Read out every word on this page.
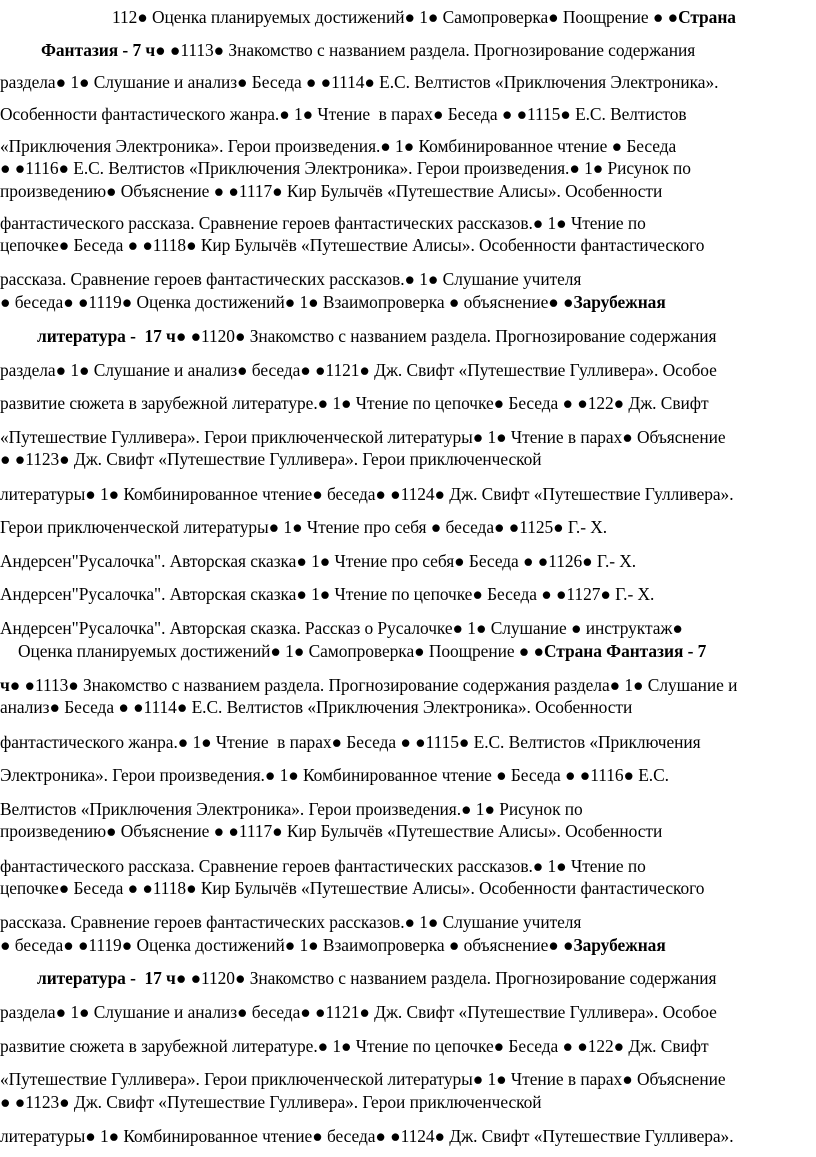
112● Оценка планируемых достижений● 1● Самопроверка● Поощрение ● ●Страна
Фантазия - 7 ч● ●1113● Знакомство с названием раздела. Прогнозирование содержания
раздела● 1● Слушание и анализ● Беседа ● ●1114● Е.С. Велтистов «Приключения Электроника».
Особенности фантастического жанра.● 1● Чтение  в парах● Беседа ● ●1115● Е.С. Велтистов
«Приключения Электроника». Герои произведения.● 1● Комбинированное чтение ● Беседа
● ●1116● Е.С. Велтистов «Приключения Электроника». Герои произведения.● 1● Рисунок по
произведению● Объяснение ● ●1117● Кир Булычёв «Путешествие Алисы». Особенности
фантастического рассказа. Сравнение героев фантастических рассказов.● 1● Чтение по
цепочке● Беседа ● ●1118● Кир Булычёв «Путешествие Алисы». Особенности фантастического
рассказа. Сравнение героев фантастических рассказов.● 1● Слушание учителя
● беседа● ●1119● Оценка достижений● 1● Взаимопроверка ● объяснение● ●Зарубежная
литература -  17 ч● ●1120● Знакомство с названием раздела. Прогнозирование содержания
раздела● 1● Слушание и анализ● беседа● ●1121● Дж. Свифт «Путешествие Гулливера». Особое
развитие сюжета в зарубежной литературе.● 1● Чтение по цепочке● Беседа ● ●122● Дж. Свифт
«Путешествие Гулливера». Герои приключенческой литературы● 1● Чтение в парах● Объяснение
● ●1123● Дж. Свифт «Путешествие Гулливера». Герои приключенческой
литературы● 1● Комбинированное чтение● беседа● ●1124● Дж. Свифт «Путешествие Гулливера».
Герои приключенческой литературы● 1● Чтение про себя ● беседа● ●1125● Г.- Х.
Андерсен"Русалочка". Авторская сказка● 1● Чтение про себя● Беседа ● ●1126● Г.- Х.
Андерсен"Русалочка". Авторская сказка● 1● Чтение по цепочке● Беседа ● ●1127● Г.- Х.
Андерсен"Русалочка". Авторская сказка. Рассказ о Русалочке● 1● Слушание ● инструктаж●
Оценка планируемых достижений● 1● Самопроверка● Поощрение ● ●Страна Фантазия - 7
ч● ●1113● Знакомство с названием раздела. Прогнозирование содержания раздела● 1● Слушание и
анализ● Беседа ● ●1114● Е.С. Велтистов «Приключения Электроника». Особенности
фантастического жанра.● 1● Чтение  в парах● Беседа ● ●1115● Е.С. Велтистов «Приключения
Электроника». Герои произведения.● 1● Комбинированное чтение ● Беседа ● ●1116● Е.С.
Велтистов «Приключения Электроника». Герои произведения.● 1● Рисунок по
произведению● Объяснение ● ●1117● Кир Булычёв «Путешествие Алисы». Особенности
фантастического рассказа. Сравнение героев фантастических рассказов.● 1● Чтение по
цепочке● Беседа ● ●1118● Кир Булычёв «Путешествие Алисы». Особенности фантастического
рассказа. Сравнение героев фантастических рассказов.● 1● Слушание учителя
● беседа● ●1119● Оценка достижений● 1● Взаимопроверка ● объяснение● ●Зарубежная
литература -  17 ч● ●1120● Знакомство с названием раздела. Прогнозирование содержания
раздела● 1● Слушание и анализ● беседа● ●1121● Дж. Свифт «Путешествие Гулливера». Особое
развитие сюжета в зарубежной литературе.● 1● Чтение по цепочке● Беседа ● ●122● Дж. Свифт
«Путешествие Гулливера». Герои приключенческой литературы● 1● Чтение в парах● Объяснение
● ●1123● Дж. Свифт «Путешествие Гулливера». Герои приключенческой
литературы● 1● Комбинированное чтение● беседа● ●1124● Дж. Свифт «Путешествие Гулливера».
